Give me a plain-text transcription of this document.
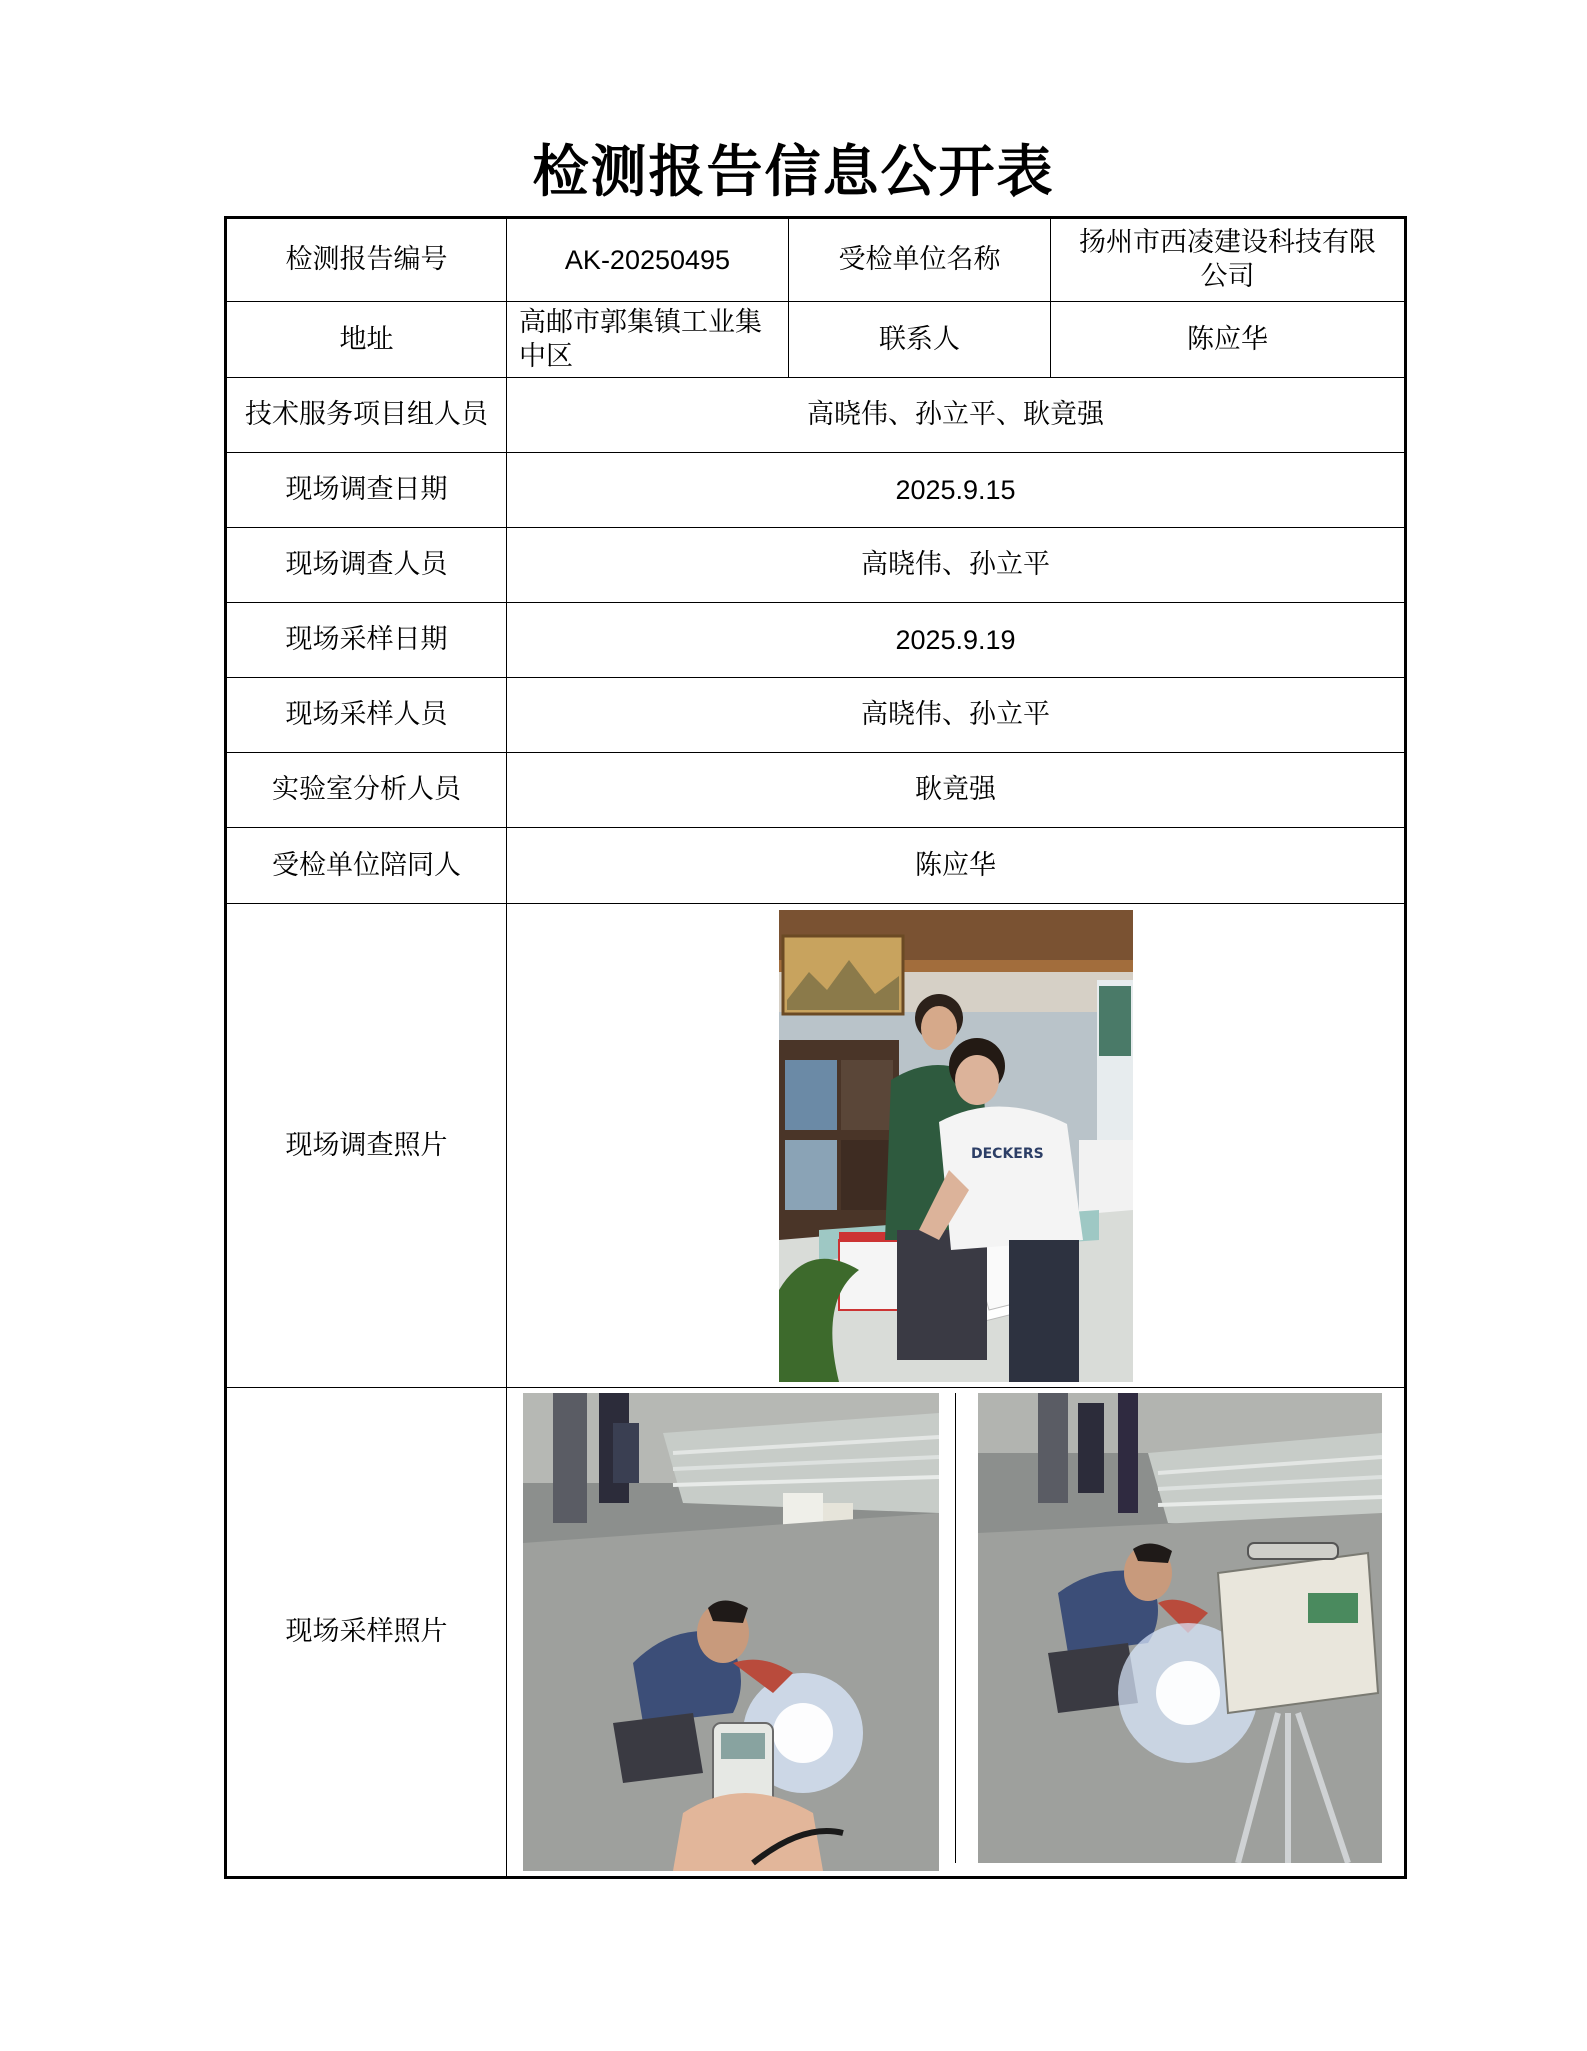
检测报告信息公开表
检测报告编号	AK-20250495	受检单位名称	扬州市西凌建设科技有限公司
地址	高邮市郭集镇工业集中区	联系人	陈应华
技术服务项目组人员	高晓伟、孙立平、耿竟强		
现场调查日期	2025.9.15		
现场调查人员	高晓伟、孙立平		
现场采样日期	2025.9.19		
现场采样人员	高晓伟、孙立平		
实验室分析人员	耿竟强		
受检单位陪同人	陈应华		
现场调查照片	DECKERS		

现场采样照片	
